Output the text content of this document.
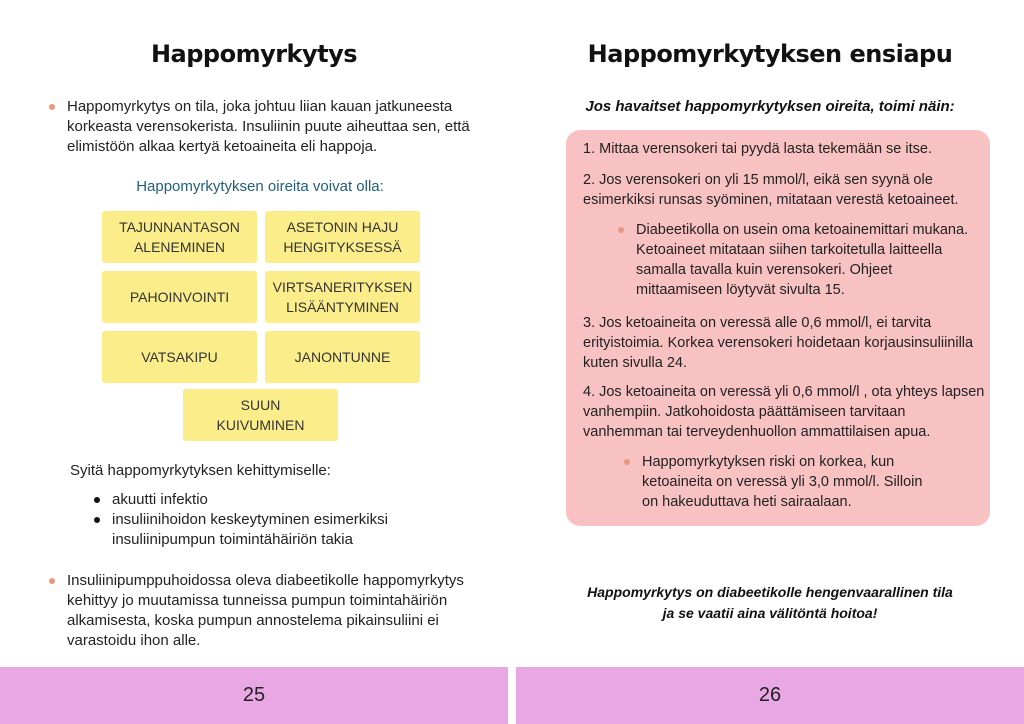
Happomyrkytys
Happomyrkytys on tila, joka johtuu liian kauan jatkuneesta korkeasta verensokerista. Insuliinin puute aiheuttaa sen, että elimistöön alkaa kertyä ketoaineita eli happoja.
Happomyrkytyksen oireita voivat olla:
TAJUNNANTASON
ALENEMINEN
ASETONIN HAJU
HENGITYKSESSÄ
PAHOINVOINTI
VIRTSANERITYKSEN
LISÄÄNTYMINEN
VATSAKIPU	JANONTUNNE
SUUN
KUIVUMINEN
Syitä happomyrkytyksen kehittymiselle:
akuutti infektio
insuliinihoidon keskeytyminen esimerkiksi insuliinipumpun toimintähäiriön takia
Insuliinipumppuhoidossa oleva diabeetikolle happomyrkytys kehittyy jo muutamissa tunneissa pumpun toimintahäiriön alkamisesta, koska pumpun annostelema pikainsuliini ei varastoidu ihon alle.
25
Happomyrkytyksen ensiapu
Jos havaitset happomyrkytyksen oireita, toimi näin:
1. Mittaa verensokeri tai pyydä lasta tekemään se itse.
2. Jos verensokeri on yli 15 mmol/l, eikä sen syynä ole esimerkiksi runsas syöminen, mitataan verestä ketoaineet.
Diabeetikolla on usein oma ketoainemittari mukana. Ketoaineet mitataan siihen tarkoitetulla laitteella samalla tavalla kuin verensokeri. Ohjeet mittaamiseen löytyvät sivulta 15.
3. Jos ketoaineita on veressä alle 0,6 mmol/l, ei tarvita erityistoimia. Korkea verensokeri hoidetaan korjausinsuliinilla kuten sivulla 24.
4. Jos ketoaineita on veressä yli 0,6 mmol/l , ota yhteys lapsen vanhempiin. Jatkohoidosta päättämiseen tarvitaan vanhemman tai terveydenhuollon ammattilaisen apua.
Happomyrkytyksen riski on korkea, kun ketoaineita on veressä yli 3,0 mmol/l. Silloin on hakeuduttava heti sairaalaan.
Happomyrkytys on diabeetikolle hengenvaarallinen tila
ja se vaatii aina välitöntä hoitoa!
26
